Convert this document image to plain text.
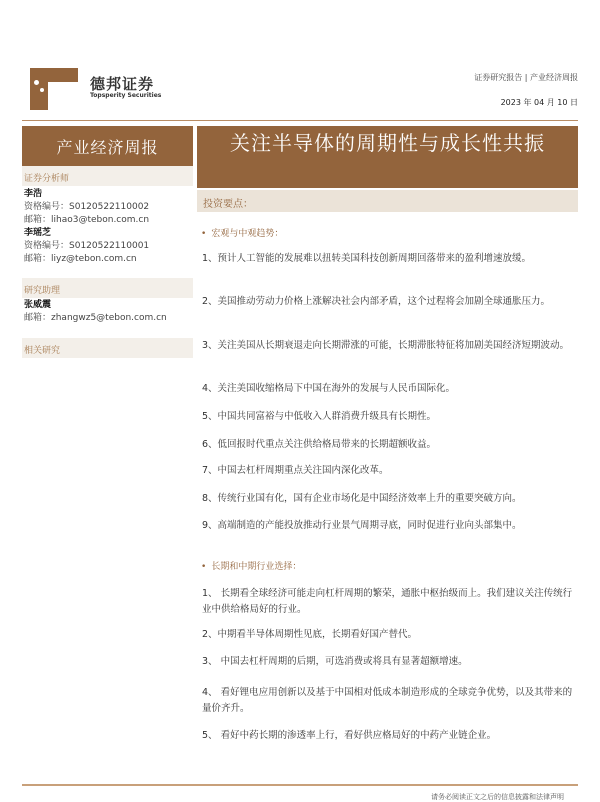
德邦证券
Topsperity Securities
证券研究报告 | 产业经济周报
2023 年 04 月 10 日
产业经济周报	关注半导体的周期性与成长性共振
投资要点：
证券分析师
李浩
资格编号：S0120522110002
邮箱：lihao3@tebon.com.cn
李瑶芝
资格编号：S0120522110001
邮箱：liyz@tebon.com.cn
研究助理
张威震
邮箱：zhangwz5@tebon.com.cn
相关研究
• 宏观与中观趋势：
1、预计人工智能的发展难以扭转美国科技创新周期回落带来的盈利增速放缓。
2、美国推动劳动力价格上涨解决社会内部矛盾，这个过程将会加剧全球通胀压力。
3、关注美国从长期衰退走向长期滞涨的可能，长期滞胀特征将加剧美国经济短期波动。
4、关注美国收缩格局下中国在海外的发展与人民币国际化。
5、中国共同富裕与中低收入人群消费升级具有长期性。
6、低回报时代重点关注供给格局带来的长期超额收益。
7、中国去杠杆周期重点关注国内深化改革。
8、传统行业国有化，国有企业市场化是中国经济效率上升的重要突破方向。
9、高端制造的产能投放推动行业景气周期寻底，同时促进行业向头部集中。
• 长期和中期行业选择：
1、 长期看全球经济可能走向杠杆周期的繁荣，通胀中枢抬级而上。我们建议关注传统行业中供给格局好的行业。
2、中期看半导体周期性见底，长期看好国产替代。
3、 中国去杠杆周期的后期，可选消费或将具有显著超额增速。
4、 看好锂电应用创新以及基于中国相对低成本制造形成的全球竞争优势，以及其带来的量价齐升。
5、 看好中药长期的渗透率上行，看好供应格局好的中药产业链企业。
请务必阅读正文之后的信息披露和法律声明
